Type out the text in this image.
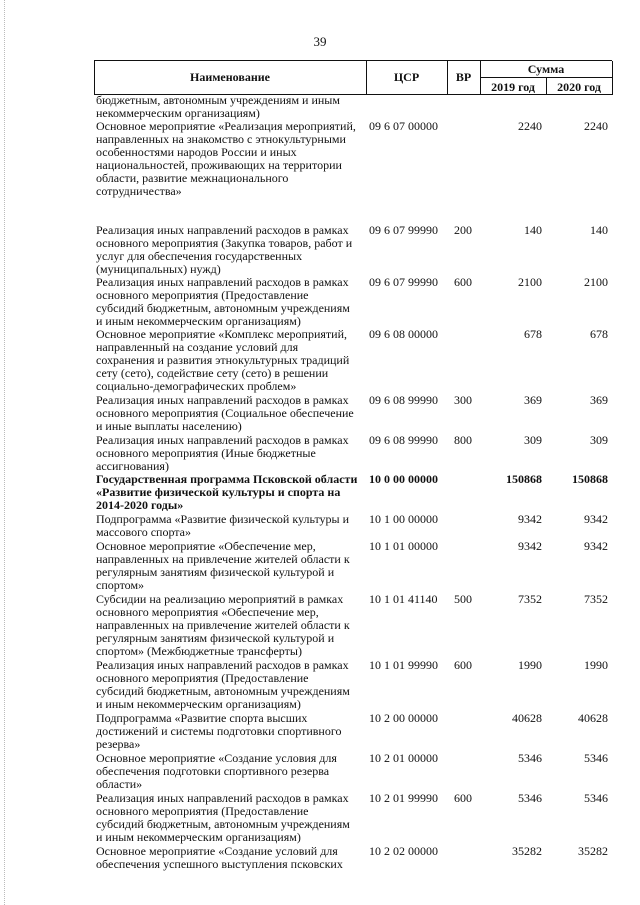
39
Наименование	ЦСР	ВР
Сумма
2019 год	2020 год
бюджетным, автономным учреждениям и иным некоммерческим организациям)
Основное мероприятие «Реализация мероприятий, направленных на знакомство с этнокультурными особенностями народов России и иных национальностей, проживающих на территории области, развитие межнационального сотрудничества»
09 6 07 00000	2240	2240
Реализация иных направлений расходов в рамках основного мероприятия (Закупка товаров, работ и услуг для обеспечения государственных (муниципальных) нужд)
09 6 07 99990 200	140	140
Реализация иных направлений расходов в рамках основного мероприятия (Предоставление субсидий бюджетным, автономным учреждениям и иным некоммерческим организациям)
09 6 07 99990 600	2100	2100
Основное мероприятие «Комплекс мероприятий, направленный на создание условий для сохранения и развития этнокультурных традиций сету (сето), содействие сету (сето) в решении социально-демографических проблем»
09 6 08 00000	678	678
Реализация иных направлений расходов в рамках основного мероприятия (Социальное обеспечение и иные выплаты населению)
09 6 08 99990 300	369	369
Реализация иных направлений расходов в рамках основного мероприятия (Иные бюджетные ассигнования)
09 6 08 99990 800	309	309
Государственная программа Псковской области «Развитие физической культуры и спорта на 2014-2020 годы»
10 0 00 00000	150868	150868
Подпрограмма «Развитие физической культуры и массового спорта»
10 1 00 00000	9342	9342
Основное мероприятие «Обеспечение мер, направленных на привлечение жителей области к регулярным занятиям физической культурой и спортом»
10 1 01 00000	9342	9342
Субсидии на реализацию мероприятий в рамках основного мероприятия «Обеспечение мер, направленных на привлечение жителей области к регулярным занятиям физической культурой и спортом» (Межбюджетные трансферты)
10 1 01 41140 500	7352	7352
Реализация иных направлений расходов в рамках основного мероприятия (Предоставление субсидий бюджетным, автономным учреждениям и иным некоммерческим организациям)
10 1 01 99990 600	1990	1990
Подпрограмма «Развитие спорта высших достижений и системы подготовки спортивного резерва»
10 2 00 00000	40628	40628
Основное мероприятие «Создание условия для обеспечения подготовки спортивного резерва области»
10 2 01 00000	5346	5346
Реализация иных направлений расходов в рамках основного мероприятия (Предоставление субсидий бюджетным, автономным учреждениям и иным некоммерческим организациям)
10 2 01 99990 600	5346	5346
Основное мероприятие «Создание условий для обеспечения успешного выступления псковских
10 2 02 00000	35282	35282
